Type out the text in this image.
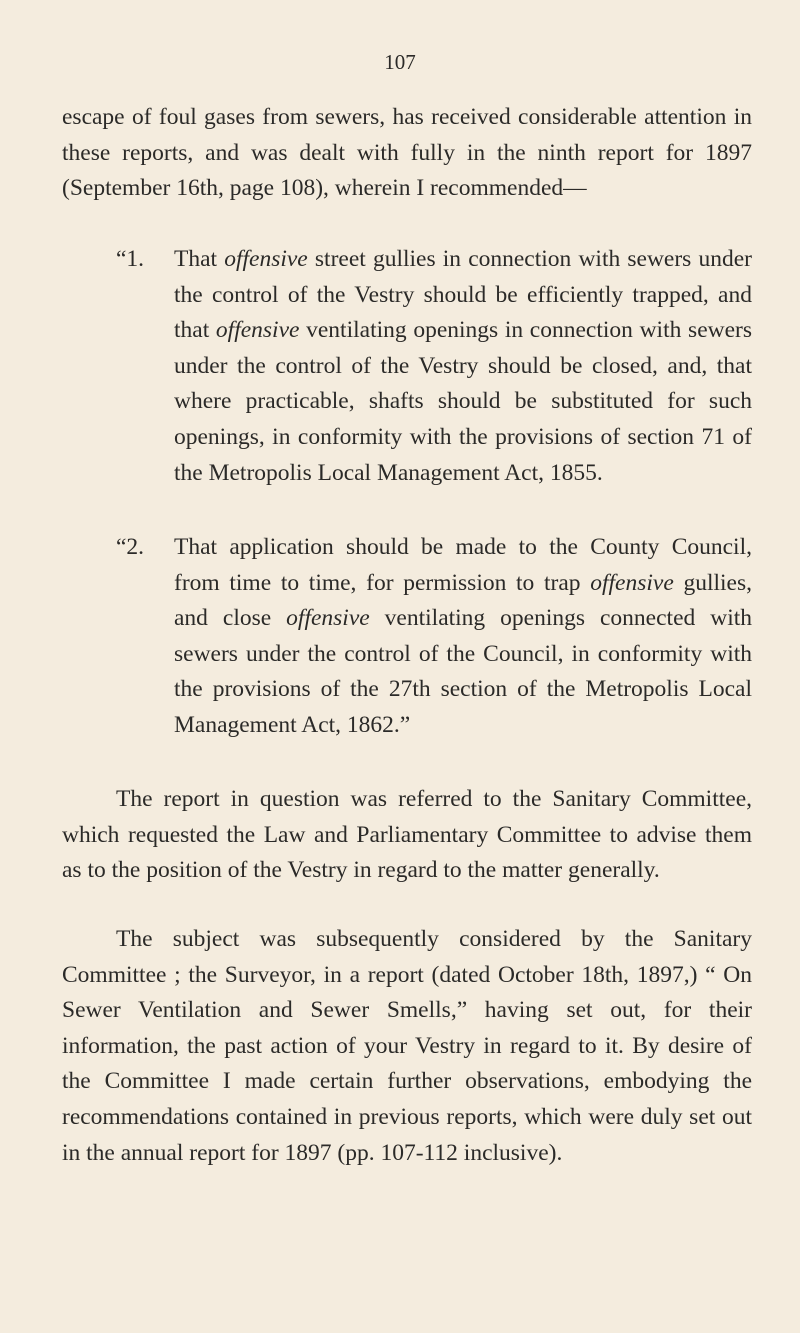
107

escape of foul gases from sewers, has received considerable attention in these reports, and was dealt with fully in the ninth report for 1897 (September 16th, page 108), wherein I recommended—

“1. That offensive street gullies in connection with sewers under the control of the Vestry should be efficiently trapped, and that offensive ventilating openings in connection with sewers under the control of the Vestry should be closed, and, that where practicable, shafts should be substituted for such openings, in conformity with the provisions of section 71 of the Metropolis Local Management Act, 1855.
“2. That application should be made to the County Council, from time to time, for permission to trap offensive gullies, and close offensive ventilating openings connected with sewers under the control of the Council, in conformity with the provisions of the 27th section of the Metropolis Local Management Act, 1862.”

The report in question was referred to the Sanitary Committee, which requested the Law and Parliamentary Committee to advise them as to the position of the Vestry in regard to the matter generally.

The subject was subsequently considered by the Sanitary Committee ; the Surveyor, in a report (dated October 18th, 1897,) “ On Sewer Ventilation and Sewer Smells,” having set out, for their information, the past action of your Vestry in regard to it. By desire of the Committee I made certain further observations, embodying the recommendations contained in previous reports, which were duly set out in the annual report for 1897 (pp. 107-112 inclusive).
